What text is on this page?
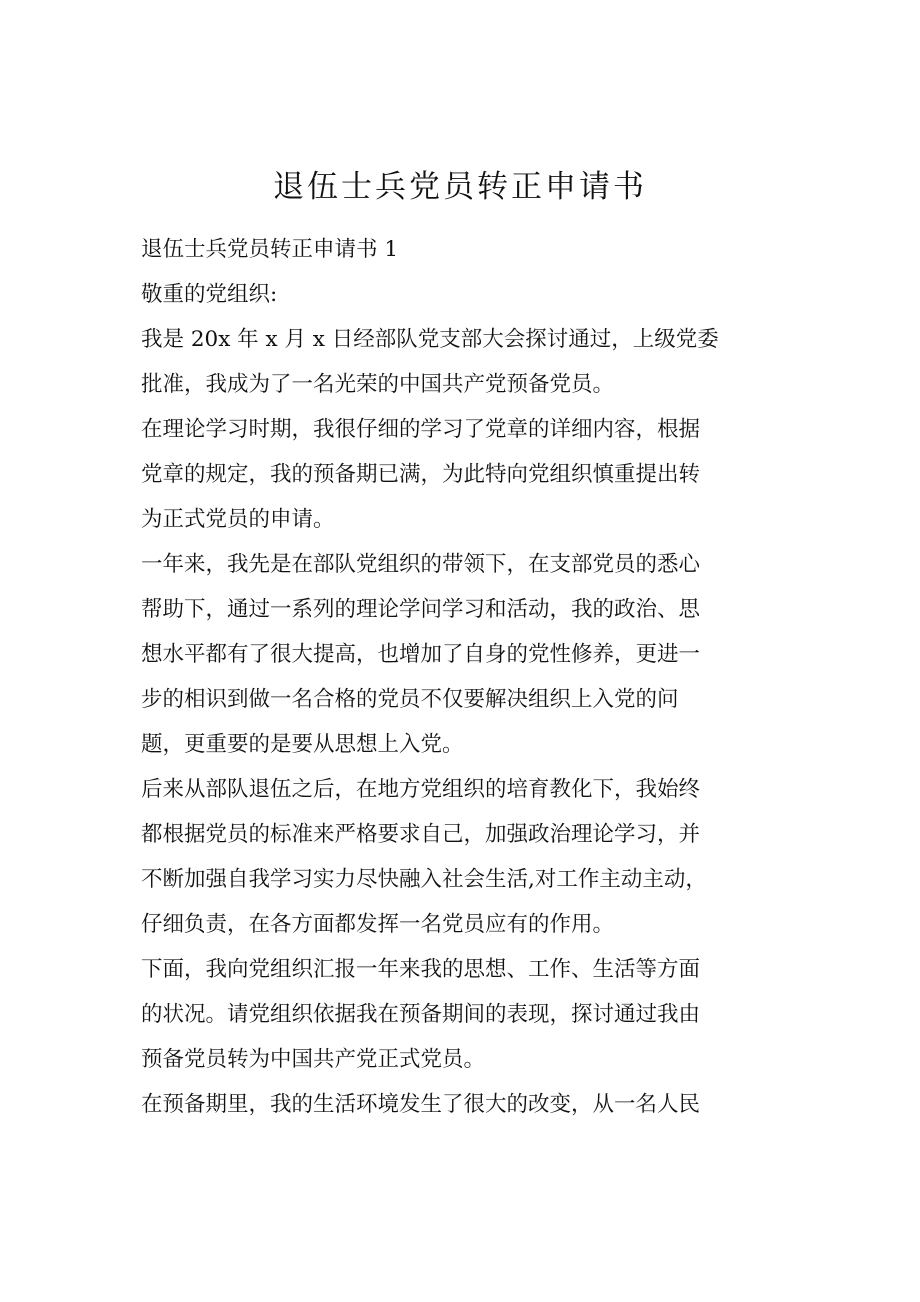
退伍士兵党员转正申请书
退伍士兵党员转正申请书 1
敬重的党组织:
我是 20x 年 x 月 x 日经部队党支部大会探讨通过，上级党委
批准，我成为了一名光荣的中国共产党预备党员。
在理论学习时期，我很仔细的学习了党章的详细内容，根据
党章的规定，我的预备期已满，为此特向党组织慎重提出转
为正式党员的申请。
一年来，我先是在部队党组织的带领下，在支部党员的悉心
帮助下，通过一系列的理论学问学习和活动，我的政治、思
想水平都有了很大提高，也增加了自身的党性修养，更进一
步的相识到做一名合格的党员不仅要解决组织上入党的问
题，更重要的是要从思想上入党。
后来从部队退伍之后，在地方党组织的培育教化下，我始终
都根据党员的标准来严格要求自己，加强政治理论学习，并
不断加强自我学习实力尽快融入社会生活,对工作主动主动，
仔细负责，在各方面都发挥一名党员应有的作用。
下面，我向党组织汇报一年来我的思想、工作、生活等方面
的状况。请党组织依据我在预备期间的表现，探讨通过我由
预备党员转为中国共产党正式党员。
在预备期里，我的生活环境发生了很大的改变，从一名人民
